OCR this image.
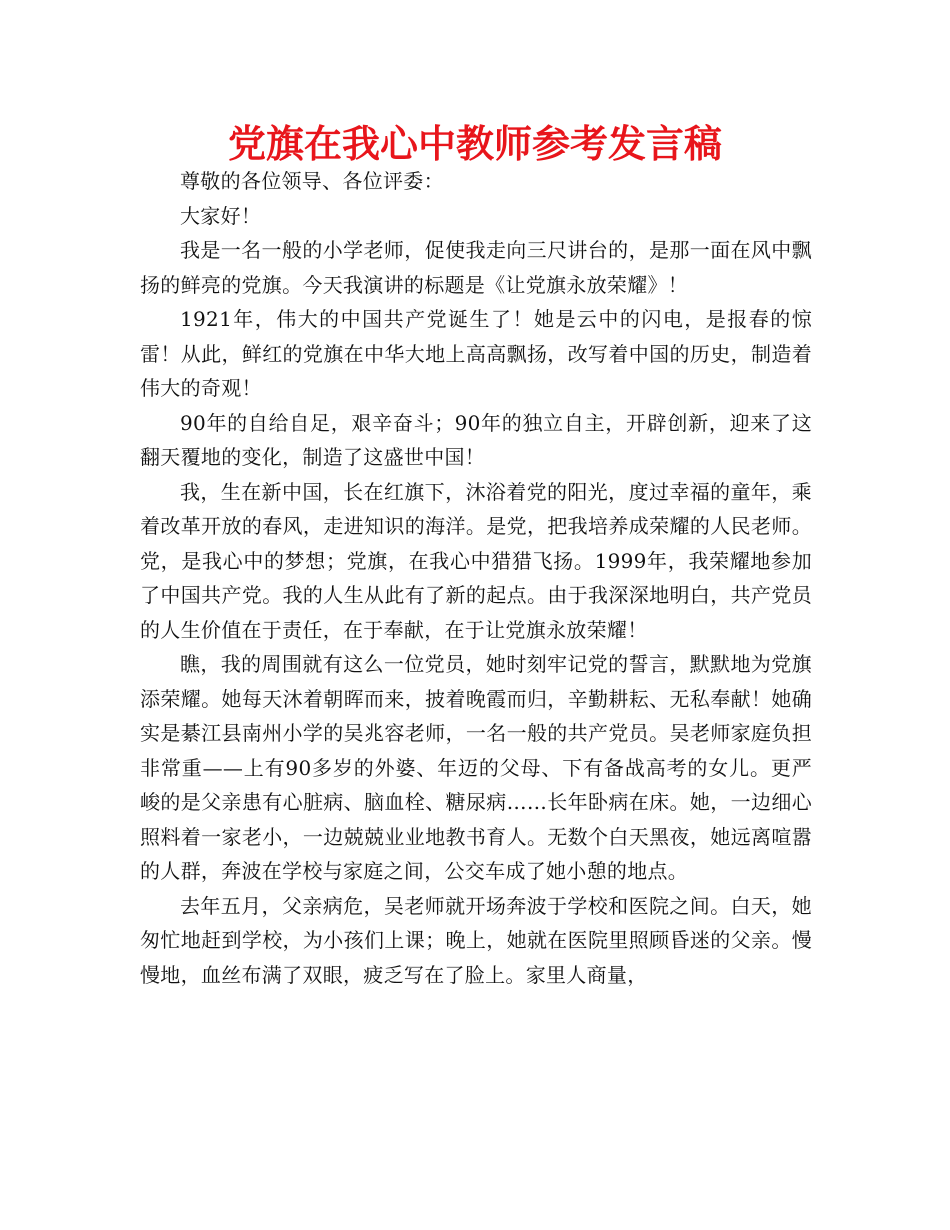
党旗在我心中教师参考发言稿

尊敬的各位领导、各位评委：

大家好！

我是一名一般的小学老师，促使我走向三尺讲台的，是那一面在风中飘扬的鲜亮的党旗。今天我演讲的标题是《让党旗永放荣耀》！

1921年，伟大的中国共产党诞生了！她是云中的闪电，是报春的惊雷！从此，鲜红的党旗在中华大地上高高飘扬，改写着中国的历史，制造着伟大的奇观！

90年的自给自足，艰辛奋斗；90年的独立自主，开辟创新，迎来了这翻天覆地的变化，制造了这盛世中国！

我，生在新中国，长在红旗下，沐浴着党的阳光，度过幸福的童年，乘着改革开放的春风，走进知识的海洋。是党，把我培养成荣耀的人民老师。党，是我心中的梦想；党旗，在我心中猎猎飞扬。1999年，我荣耀地参加了中国共产党。我的人生从此有了新的起点。由于我深深地明白，共产党员的人生价值在于责任，在于奉献，在于让党旗永放荣耀！

瞧，我的周围就有这么一位党员，她时刻牢记党的誓言，默默地为党旗添荣耀。她每天沐着朝晖而来，披着晚霞而归，辛勤耕耘、无私奉献！她确实是綦江县南州小学的吴兆容老师，一名一般的共产党员。吴老师家庭负担非常重——上有90多岁的外婆、年迈的父母、下有备战高考的女儿。更严峻的是父亲患有心脏病、脑血栓、糖尿病……长年卧病在床。她，一边细心照料着一家老小，一边兢兢业业地教书育人。无数个白天黑夜，她远离喧嚣的人群，奔波在学校与家庭之间，公交车成了她小憩的地点。

去年五月，父亲病危，吴老师就开场奔波于学校和医院之间。白天，她匆忙地赶到学校，为小孩们上课；晚上，她就在医院里照顾昏迷的父亲。慢慢地，血丝布满了双眼，疲乏写在了脸上。家里人商量，
